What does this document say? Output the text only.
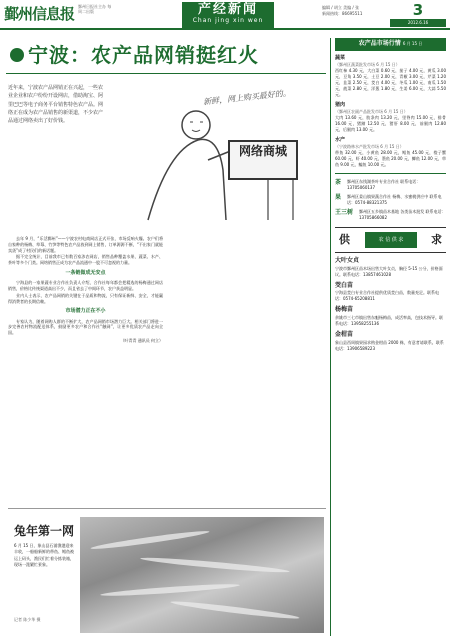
鄞州信息报 鄞州日报社主办 每周二出版	产经新闻
Chan jing xin wen
编辑 / 胡立 美编 / 张
新闻热线：86695511	3
2012.6.16
宁波：农产品网销挺红火
近年来，宁波农产品网销正在兴起，一些农业企业和农户纷纷开设网店，借助淘宝、阿里巴巴等电子商务平台销售特色农产品。网络正在成为农产品销售的新渠道，不少农产品通过网络卖出了好价钱。
新鲜，网上购买最好的。
网络商城

去年 9 月，“乐活鄞州”——宁波农村电商网店正式开张，市场反响火爆。农户们将自家种的杨梅、草莓、竹笋等特色农产品放到网上销售，订单源源不断，“不出家门就能卖货”成了村民们的新话题。

据不完全统计，目前我市已有数百家涉农网店，销售品种覆盖水果、蔬菜、水产、茶叶等多个门类。网络销售正成为农产品流通中一股不可忽视的力量。

一条链做成无安点

宁海县的一家果蔬专业合作社负责人介绍，合作社每年都会把精选的杨梅通过网店销售，价格比传统渠道高出不少，而且省去了中间环节，农户获益明显。

业内人士表示，农产品网销的关键在于品质和物流，只有保证新鲜、安全，才能赢得消费者的长期信赖。

市场潜力正在不小

专家认为，随着网购人群的不断扩大，农产品网销市场潜力巨大。相关部门将进一步完善农村物流配送体系，鼓励更多农户和合作社“触网”，让更多优质农产品走向全国。

（叶青青 通讯员 何立）
兔年第一网
6 月 15 日，象山县石浦渔港迎来丰收，一船船新鲜的带鱼、鲳鱼被运上码头，渔民们忙着分拣装箱，现场一派繁忙景象。
记者 陈少华 摄
农产品市场行情 6 月 15 日
蔬菜
（鄞州区蔬菜批发市场 6 月 15 日）
西红柿 4.30 元，大白菜 0.60 元，茄子 4.00 元，黄瓜 3.00 元，豆角 3.50 元，土豆 2.00 元，青椒 3.00 元，芹菜 1.20 元，韭菜 2.50 元，茭白 4.00 元，冬瓜 1.00 元，南瓜 1.50 元，菠菜 2.80 元，洋葱 1.80 元，生姜 6.00 元，大蒜 5.50 元。
猪肉
（鄞州区农副产品批发市场 6 月 15 日）
大肉 13.60 元，肋条肉 13.20 元，里脊肉 15.00 元，排骨 16.00 元，猪蹄 12.50 元，猪肝 8.00 元，前腿肉 12.80 元，后腿肉 13.00 元。
水产
（宁波路林水产批发市场 6 月 15 日）
带鱼 32.00 元，小黄鱼 28.00 元，鲳鱼 45.00 元，梭子蟹 60.00 元，虾 40.00 元，墨鱼 20.00 元，鲫鱼 12.00 元，草鱼 9.00 元，鳊鱼 10.00 元。
茶	鄞州区东钱湖茶叶专业合作社 联系电话：13705060137
果	鄞州区姜山镇果蔬合作社 杨梅、水蜜桃供应中 联系电话：0574-88321375
王三树	鄞州区五乡镇苗木基地 各类苗木批发 联系电话：13705866082
供	农 信 供 求	求
大叶女贞
宁波市鄞州区苗木场出售大叶女贞，胸径 5-15 公分，价格面议。联系电话：13857461028
茭白苗
宁海县茭白专业合作社提供优质茭白苗，数量充足。联系电话：0574-65208811
杨梅苗
余姚市三七市镇出售东魁杨梅苗，成活率高，包技术指导。联系电话：13958255136
金柑苗
象山县西周镇果园求购金柑苗 2000 株，有意者请联系。联系电话：13906589223
